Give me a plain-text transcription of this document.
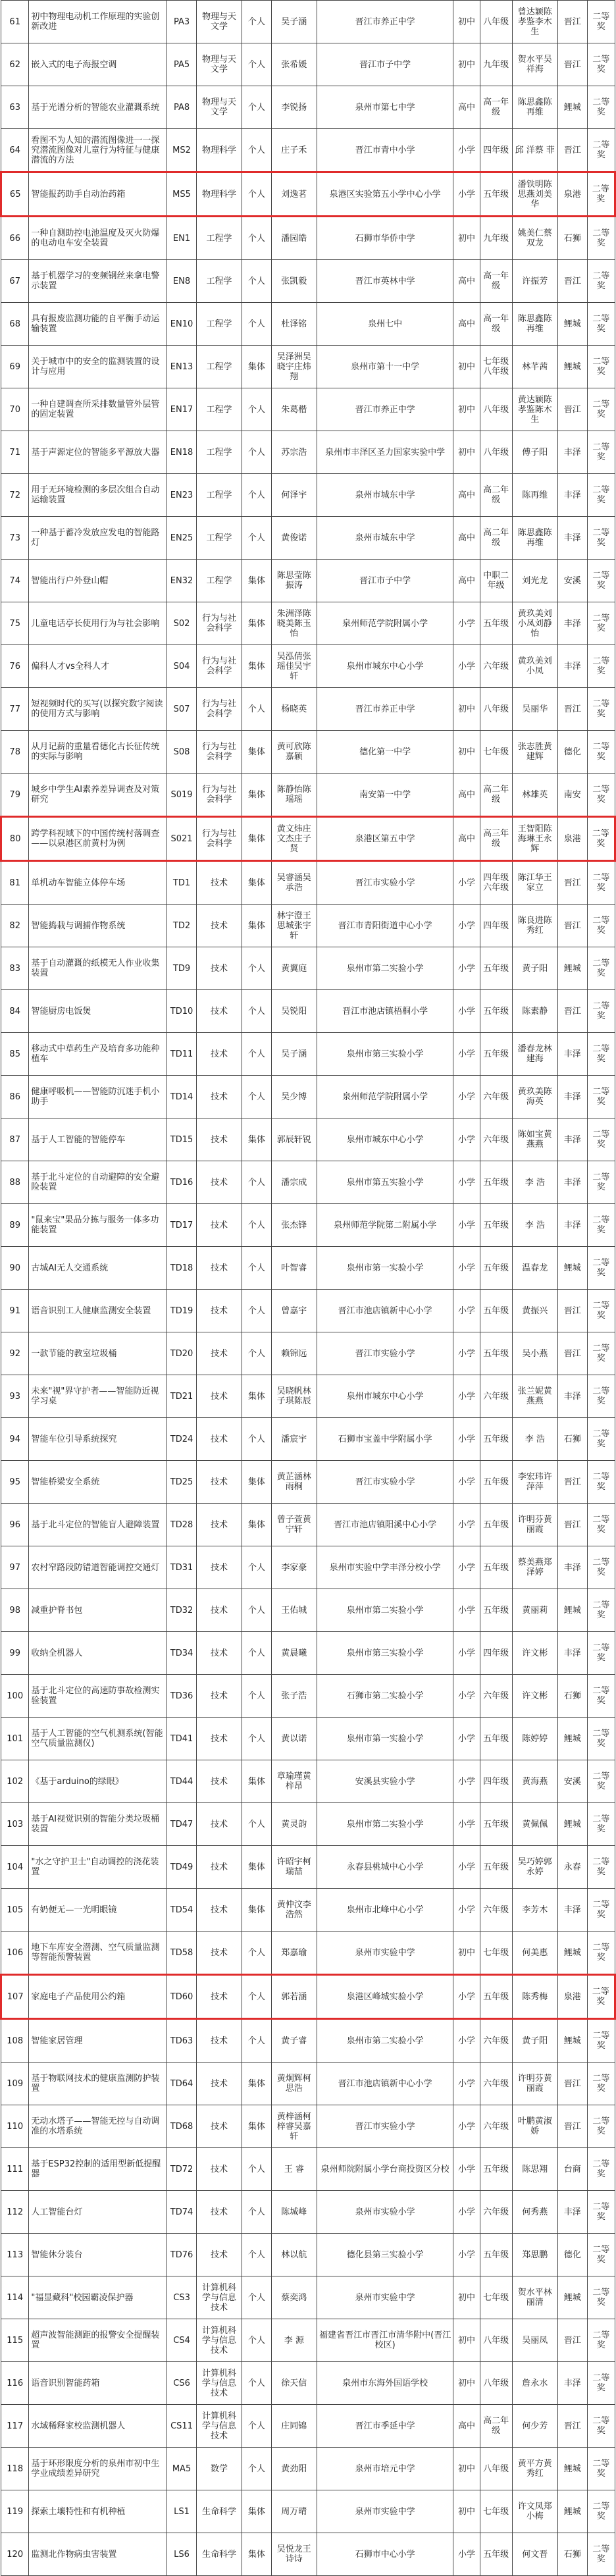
61	初中物理电动机工作原理的实验创新改进	PA3	物理与天文学	个人	吴子涵	晋江市养正中学	初中	八年级	曾达颖陈孝鉴李木生	晋江	二等奖
62	嵌入式的电子海报空调	PA5	物理与天文学	个人	张希媛	晋江市子中学	初中	九年级	贺水平吴祥海	晋江	二等奖
63	基于光谱分析的智能农业灌溉系统	PA8	物理与天文学	个人	李锐扬	泉州市第七中学	高中	高一年级	陈思鑫陈再维	鲤城	二等奖
64	看图不为人知的潜流图像进一一探究潜流图像对儿童行为特征与健康潜流的方法	MS2	物理科学	个人	庄子禾	晋江市青中小学	小学	四年级	邱 洋蔡 菲	晋江	二等奖
65	智能报药助手自动治药箱	MS5	物理科学	个人	刘逸茗	泉港区实验第五小学中心小学	小学	五年级	潘铁明陈思燕刘美华	泉港	二等奖
66	一种自测助控电池温度及灭火防爆的电动电车安全装置	EN1	工程学	个人	潘园皓	石狮市华侨中学	初中	九年级	姚美仁蔡双龙	石狮	二等奖
67	基于机器学习的变频钢丝来拿电警示装置	EN8	工程学	个人	张凯毅	晋江市英林中学	高中	高一年级	许振芳	晋江	二等奖
68	具有报废监测功能的自平衡手动运输装置	EN10	工程学	个人	杜泽铭	泉州七中	高中	高一年级	陈思鑫陈再维	鲤城	二等奖
69	关于城市中的安全的监测装置的设计与应用	EN13	工程学	集体	吴泽洲吴晓宇庄炜翔	泉州市第十一中学	初中	七年级八年级	林芊茜	鲤城	二等奖
70	一种自建调查所采排数量管外层管的固定装置	EN17	工程学	个人	朱葛楷	晋江市养正中学	初中	八年级	黄达颖陈孝鉴陈木生	晋江	二等奖
71	基于声源定位的智能多平源放大器	EN18	工程学	个人	苏宗浩	泉州市丰泽区圣力国家实验中学	初中	八年级	傅子阳	丰泽	二等奖
72	用于无环境检测的多层次组合自动运输装置	EN23	工程学	个人	何泽宇	泉州市城东中学	高中	高二年级	陈再维	丰泽	二等奖
73	一种基于蓄冷发放应发电的智能路灯	EN25	工程学	个人	黄俊诺	泉州市城东中学	高中	高二年级	陈思鑫陈再维	丰泽	二等奖
74	智能出行户外登山帽	EN32	工程学	集体	陈思莹陈振涛	晋江市子中学	高中	中职二年级	刘光龙	安溪	二等奖
75	儿童电话亭长使用行为与社会影响	S02	行为与社会科学	集体	朱洲泽陈晓美陈玉怡	泉州师范学院附属小学	小学	五年级	黄玖美刘小凤刘静怡	丰泽	二等奖
76	偏科人才vs全科人才	S04	行为与社会科学	集体	吴泓倩张瑶佳吴宇轩	泉州市城东中心小学	小学	六年级	黄玖美刘小凤	丰泽	二等奖
77	短视频时代的买写(以探究数字阅读的使用方式与影响	S07	行为与社会科学	个人	杨晓英	晋江市养正中学	初中	八年级	吴丽华	晋江	二等奖
78	从月记薪的重量看德化古长征传统的实际与影响	S08	行为与社会科学	集体	黄可欣陈嘉颖	德化第一中学	初中	七年级	张志胜黄建辉	德化	二等奖
79	城乡中学生AI素养差异调查及对策研究	S019	行为与社会科学	集体	陈静怡陈瑶瑶	南安第一中学	高中	高二年级	林雄英	南安	二等奖
80	跨学科视域下的中国传统村落调查——以泉港区前黄村为例	S021	行为与社会科学	集体	黄文炜庄文杰庄子贤	泉港区第五中学	高中	高三年级	王智阳陈海琳王永辉	泉港	二等奖
81	单机动车智能立体停车场	TD1	技术	集体	吴睿涵吴承浩	晋江市实验小学	小学	四年级六年级	陈江华王家立	晋江	二等奖
82	智能捣栽与调捕作物系统	TD2	技术	集体	林宇澄王思城张宇轩	晋江市青阳街道中心小学	小学	四年级	陈良进陈秀红	晋江	二等奖
83	基于自动灌溉的纸模无人作业收集装置	TD9	技术	个人	黄翼庭	泉州市第二实验小学	小学	五年级	黄子阳	鲤城	二等奖
84	智能厨房电饭煲	TD10	技术	个人	吴锐阳	晋江市池店镇梧桐小学	小学	五年级	陈素静	晋江	二等奖
85	移动式中草药生产及培育多功能种植车	TD11	技术	个人	吴子涵	泉州市第三实验小学	小学	五年级	潘春龙林建海	丰泽	二等奖
86	健康呼吸机——智能防沉迷手机小助手	TD14	技术	个人	吴少博	泉州师范学院附属小学	小学	六年级	黄玖美陈海英	丰泽	二等奖
87	基于人工智能的智能停车	TD15	技术	集体	郭辰轩锐	泉州市城东中心小学	小学	六年级	陈如宝黄燕燕	丰泽	二等奖
88	基于北斗定位的自动避障的安全避险装置	TD16	技术	个人	潘宗成	泉州市第五实验小学	小学	五年级	李 浩	丰泽	二等奖
89	"鼠来宝"果品分拣与服务一体多功能装置	TD17	技术	个人	张杰锋	泉州师范学院第二附属小学	小学	五年级	李 浩	丰泽	二等奖
90	古城AI无人交通系统	TD18	技术	个人	叶智睿	泉州市第一实验小学	小学	五年级	温春龙	鲤城	二等奖
91	语音识别工人健康监测安全装置	TD19	技术	个人	曾嘉宇	晋江市池店镇新中心小学	小学	五年级	黄振兴	晋江	二等奖
92	一款节能的教室垃圾桶	TD20	技术	个人	赖锦远	晋江市实验小学	小学	五年级	吴小燕	晋江	二等奖
93	未来"视"界守护者——智能防近视学习桌	TD21	技术	集体	吴晓帆林子琪陈辰	泉州市城东中心小学	小学	六年级	张兰妮黄燕燕	丰泽	二等奖
94	智能车位引导系统探究	TD24	技术	个人	潘宸宇	石狮市宝盖中学附属小学	小学	五年级	李 浩	石狮	二等奖
95	智能桥梁安全系统	TD25	技术	集体	黄芷涵林雨桐	晋江市实验小学	小学	五年级	李宏玮许萍萍	晋江	二等奖
96	基于北斗定位的智能盲人避障装置	TD28	技术	集体	曾子萱黄宁轩	晋江市池店镇阳溪中心小学	小学	五年级	许明芬黄丽霞	晋江	二等奖
97	农村窄路段防错道智能调控交通灯	TD31	技术	个人	李家豪	泉州市实验中学丰泽分校小学	小学	五年级	蔡美燕郑泽婷	丰泽	二等奖
98	减重护脊书包	TD32	技术	个人	王佑城	泉州市第二实验小学	小学	五年级	黄丽莉	鲤城	二等奖
99	收纳全机器人	TD34	技术	个人	黄晨曦	泉州市第三实验小学	小学	四年级	许文彬	丰泽	二等奖
100	基于北斗定位的高速防事故检测实验装置	TD36	技术	个人	张子浩	石狮市第二实验小学	小学	六年级	许文彬	石狮	二等奖
101	基于人工智能的空气机测系统(智能空气质量监测仪)	TD41	技术	个人	黄以诺	泉州市第一实验小学	小学	五年级	陈婷婷	鲤城	二等奖
102	《基于arduino的绿眼》	TD44	技术	集体	章瑜瑾黄梓昂	安溪县实验小学	小学	四年级	黄海燕	安溪	二等奖
103	基于AI视觉识别的智能分类垃圾桶装置	TD47	技术	个人	黄灵韵	泉州市第二实验小学	小学	五年级	黄佩佩	鲤城	二等奖
104	"水之守护卫士"自动调控的浇花装置	TD49	技术	集体	许昭宇柯瑞喆	永春县桃城中心小学	小学	五年级	吴巧婷郭永婷	永春	二等奖
105	有奶便无—一光明眼镜	TD54	技术	集体	黄仲汶李浩然	泉州市北峰中心小学	小学	六年级	李芳木	丰泽	二等奖
106	地下车库安全潜测、空气质量监测等智能预警装置	TD58	技术	个人	郑嘉瑜	泉州市实验中学	初中	七年级	何美惠	鲤城	二等奖
107	家庭电子产品使用公约箱	TD60	技术	个人	郭若涵	泉港区峰城实验小学	小学	五年级	陈秀梅	泉港	二等奖
108	智能家居管理	TD63	技术	个人	黄子睿	泉州市第二实验小学	小学	六年级	黄子阳	鲤城	二等奖
109	基于物联网技术的健康监测防护装置	TD64	技术	集体	黄炯辉柯思浩	晋江市池店镇新中心小学	小学	六年级	许明芬黄丽霞	晋江	二等奖
110	无动水塔子——智能无控与自动调准的水塔系统	TD68	技术	集体	黄梓涵柯梓睿吴嘉轩	晋江市实验小学	小学	六年级	叶鹏黄淑娇	晋江	二等奖
111	基于ESP32控制的适用型新低提醒器	TD72	技术	个人	王 睿	泉州师院附属小学台商投资区分校	小学	五年级	陈思翔	台商	二等奖
112	人工智能台灯	TD74	技术	个人	陈城峰	泉州市实验小学	小学	六年级	何秀燕	丰泽	二等奖
113	智能休分装台	TD76	技术	个人	林以航	德化县第三实验小学	小学	五年级	郑思鹏	德化	二等奖
114	"福显藏科"校园霸凌保护器	CS3	计算机科学与信息技术	个人	蔡奕鸿	泉州市实验中学	初中	七年级	贺水平林丽清	鲤城	二等奖
115	超声波智能测距的报警安全提醒装置	CS4	计算机科学与信息技术	个人	李 源	福建省晋江市晋江市清华附中(晋江校区)	初中	八年级	吴丽凤	晋江	二等奖
116	语音识别智能药箱	CS6	计算机科学与信息技术	个人	徐天信	泉州市东海外国语学校	初中	八年级	詹永水	丰泽	二等奖
117	水域稀释家校监测机器人	CS11	计算机科学与信息技术	个人	庄同锦	晋江市季延中学	高中	高二年级	何少芳	晋江	二等奖
118	基于环形限度分析的泉州市初中生学业成绩差异研究	MA5	数学	个人	黄劲阳	泉州市培元中学	初中	八年级	黄平方黄秀红	鲤城	二等奖
119	探索土壤特性和有机种植	LS1	生命科学	集体	周万晴	泉州市实验中学	初中	七年级	许文凤郑小梅	鲤城	二等奖
120	监测北作物病虫害装置	LS6	生命科学	集体	吴悦龙王诗诗	石狮市中心小学	小学	五年级	何文晋	石狮	二等奖
